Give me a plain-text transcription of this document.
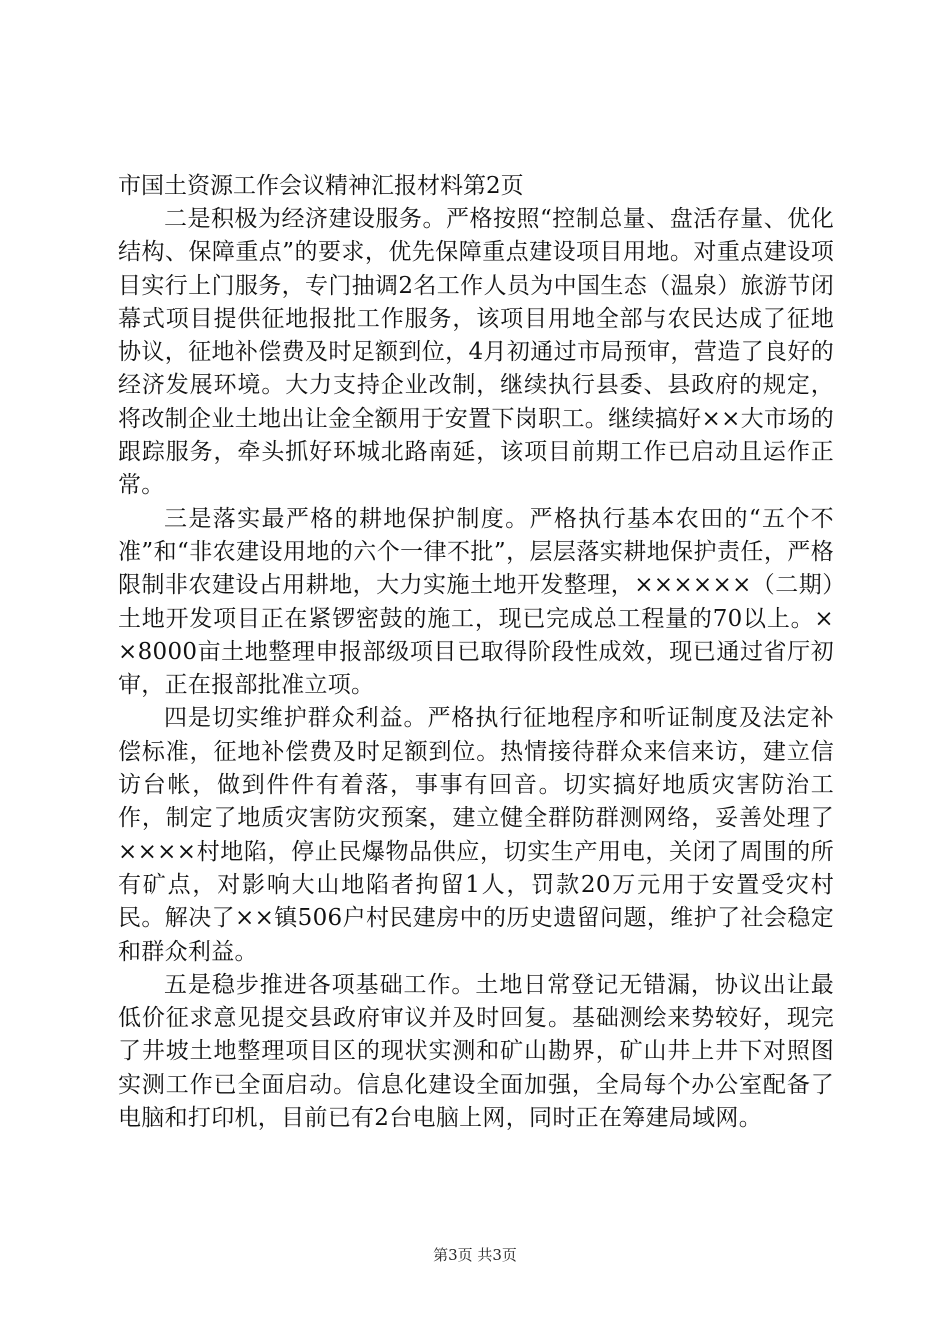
市国土资源工作会议精神汇报材料第2页

二是积极为经济建设服务。严格按照“控制总量、盘活存量、优化结构、保障重点”的要求，优先保障重点建设项目用地。对重点建设项目实行上门服务，专门抽调2名工作人员为中国生态（温泉）旅游节闭幕式项目提供征地报批工作服务，该项目用地全部与农民达成了征地协议，征地补偿费及时足额到位，4月初通过市局预审，营造了良好的经济发展环境。大力支持企业改制，继续执行县委、县政府的规定，将改制企业土地出让金全额用于安置下岗职工。继续搞好××大市场的跟踪服务，牵头抓好环城北路南延，该项目前期工作已启动且运作正常。

三是落实最严格的耕地保护制度。严格执行基本农田的“五个不准”和“非农建设用地的六个一律不批”，层层落实耕地保护责任，严格限制非农建设占用耕地，大力实施土地开发整理，××××××（二期）土地开发项目正在紧锣密鼓的施工，现已完成总工程量的70以上。××8000亩土地整理申报部级项目已取得阶段性成效，现已通过省厅初审，正在报部批准立项。

四是切实维护群众利益。严格执行征地程序和听证制度及法定补偿标准，征地补偿费及时足额到位。热情接待群众来信来访，建立信访台帐，做到件件有着落，事事有回音。切实搞好地质灾害防治工作，制定了地质灾害防灾预案，建立健全群防群测网络，妥善处理了××××村地陷，停止民爆物品供应，切实生产用电，关闭了周围的所有矿点，对影响大山地陷者拘留1人，罚款20万元用于安置受灾村民。解决了××镇506户村民建房中的历史遗留问题，维护了社会稳定和群众利益。

五是稳步推进各项基础工作。土地日常登记无错漏，协议出让最低价征求意见提交县政府审议并及时回复。基础测绘来势较好，现完了井坡土地整理项目区的现状实测和矿山勘界，矿山井上井下对照图实测工作已全面启动。信息化建设全面加强，全局每个办公室配备了电脑和打印机，目前已有2台电脑上网，同时正在筹建局域网。

第3页 共3页
